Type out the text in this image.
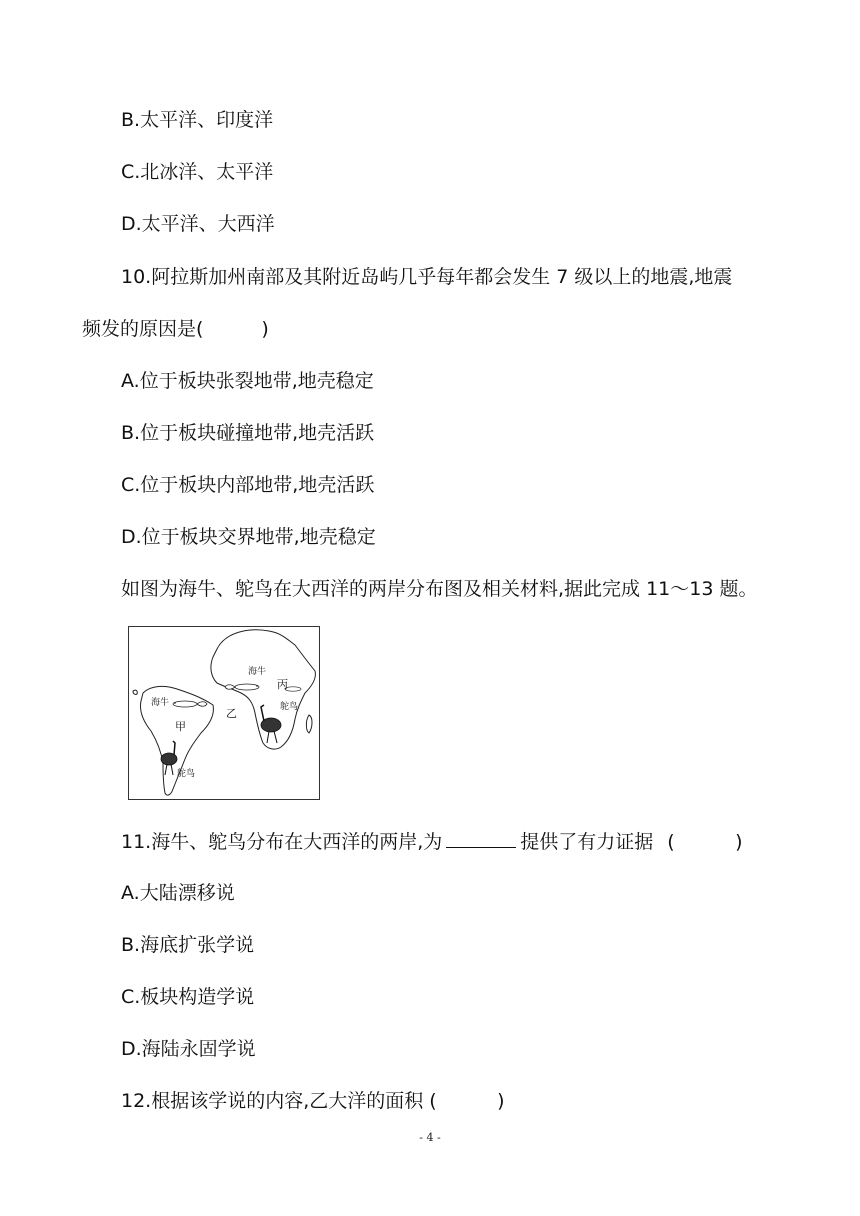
B.太平洋、印度洋
C.北冰洋、太平洋
D.太平洋、大西洋
10.阿拉斯加州南部及其附近岛屿几乎每年都会发生 7 级以上的地震,地震
频发的原因是(	)
A.位于板块张裂地带,地壳稳定
B.位于板块碰撞地带,地壳活跃
C.位于板块内部地带,地壳活跃
D.位于板块交界地带,地壳稳定
如图为海牛、鸵鸟在大西洋的两岸分布图及相关材料,据此完成 11～13 题。
海牛
丙
鸵鸟
乙
海牛
甲
鸵鸟
11.海牛、鸵鸟分布在大西洋的两岸,为	提供了有力证据 (          )
A.大陆漂移说
B.海底扩张学说
C.板块构造学说
D.海陆永固学说
12.根据该学说的内容,乙大洋的面积 (          )
- 4 -
